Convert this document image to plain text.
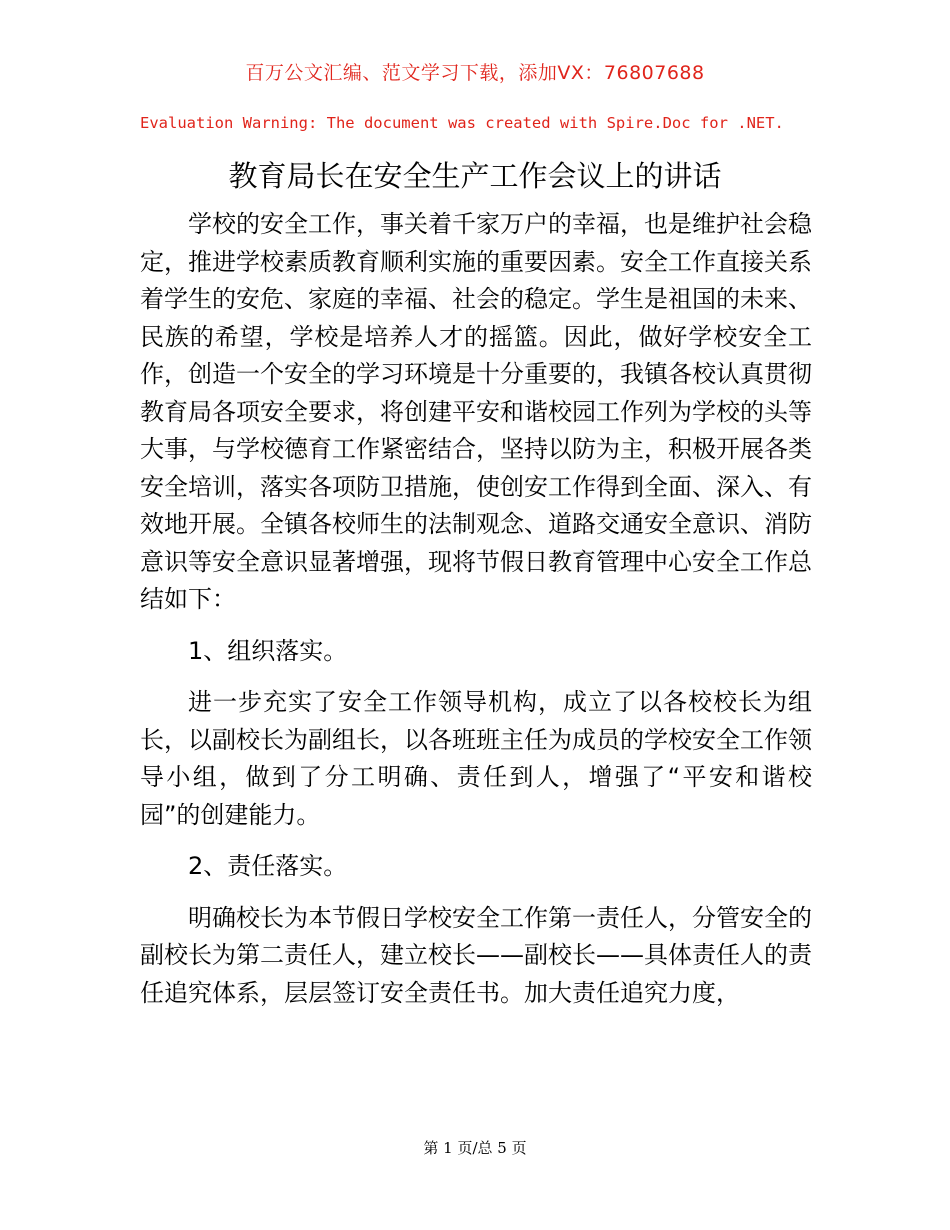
百万公文汇编、范文学习下载，添加VX：76807688
Evaluation Warning: The document was created with Spire.Doc for .NET.
教育局长在安全生产工作会议上的讲话

学校的安全工作，事关着千家万户的幸福，也是维护社会稳定，推进学校素质教育顺利实施的重要因素。安全工作直接关系着学生的安危、家庭的幸福、社会的稳定。学生是祖国的未来、民族的希望，学校是培养人才的摇篮。因此，做好学校安全工作，创造一个安全的学习环境是十分重要的，我镇各校认真贯彻教育局各项安全要求，将创建平安和谐校园工作列为学校的头等大事，与学校德育工作紧密结合，坚持以防为主，积极开展各类安全培训，落实各项防卫措施，使创安工作得到全面、深入、有效地开展。全镇各校师生的法制观念、道路交通安全意识、消防意识等安全意识显著增强，现将节假日教育管理中心安全工作总结如下：

1、组织落实。

进一步充实了安全工作领导机构，成立了以各校校长为组长，以副校长为副组长，以各班班主任为成员的学校安全工作领导小组，做到了分工明确、责任到人，增强了“平安和谐校园”的创建能力。

2、责任落实。

明确校长为本节假日学校安全工作第一责任人，分管安全的副校长为第二责任人，建立校长——副校长——具体责任人的责任追究体系，层层签订安全责任书。加大责任追究力度，

第 1 页/总 5 页
